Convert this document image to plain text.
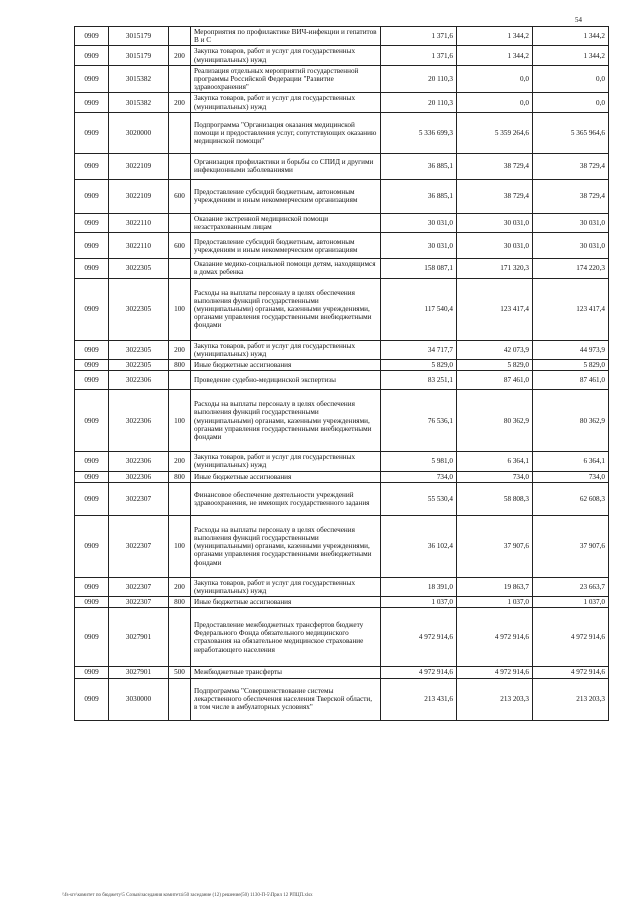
54
0909	3015179		Мероприятия по профилактике ВИЧ-инфекции и гепатитов В и С	1 371,6	1 344,2	1 344,2
0909	3015179	200	Закупка товаров, работ и услуг для государственных (муниципальных) нужд	1 371,6	1 344,2	1 344,2
0909	3015382		Реализация отдельных мероприятий государственной программы Российской Федерации "Развитие здравоохранения"	20 110,3	0,0	0,0
0909	3015382	200	Закупка товаров, работ и услуг для государственных (муниципальных) нужд	20 110,3	0,0	0,0
0909	3020000		Подпрограмма "Организация оказания медицинской помощи и предоставления услуг, сопутствующих оказанию медицинской помощи"	5 336 699,3	5 359 264,6	5 365 964,6
0909	3022109		Организация профилактики и борьбы со СПИД и другими инфекционными заболеваниями	36 885,1	38 729,4	38 729,4
0909	3022109	600	Предоставление субсидий бюджетным, автономным учреждениям и иным некоммерческим организациям	36 885,1	38 729,4	38 729,4
0909	3022110		Оказание экстренной медицинской помощи незастрахованным лицам	30 031,0	30 031,0	30 031,0
0909	3022110	600	Предоставление субсидий бюджетным, автономным учреждениям и иным некоммерческим организациям	30 031,0	30 031,0	30 031,0
0909	3022305		Оказание медико-социальной помощи детям, находящимся в домах ребенка	158 087,1	171 320,3	174 220,3
0909	3022305	100	Расходы на выплаты персоналу в целях обеспечения выполнения функций государственными (муниципальными) органами, казенными учреждениями, органами управления государственными внебюджетными фондами	117 540,4	123 417,4	123 417,4
0909	3022305	200	Закупка товаров, работ и услуг для государственных (муниципальных) нужд	34 717,7	42 073,9	44 973,9
0909	3022305	800	Иные бюджетные ассигнования	5 829,0	5 829,0	5 829,0
0909	3022306		Проведение судебно-медицинской экспертизы	83 251,1	87 461,0	87 461,0
0909	3022306	100	Расходы на выплаты персоналу в целях обеспечения выполнения функций государственными (муниципальными) органами, казенными учреждениями, органами управления государственными внебюджетными фондами	76 536,1	80 362,9	80 362,9
0909	3022306	200	Закупка товаров, работ и услуг для государственных (муниципальных) нужд	5 981,0	6 364,1	6 364,1
0909	3022306	800	Иные бюджетные ассигнования	734,0	734,0	734,0
0909	3022307		Финансовое обеспечение деятельности учреждений здравоохранения, не имеющих государственного задания	55 530,4	58 808,3	62 608,3
0909	3022307	100	Расходы на выплаты персоналу в целях обеспечения выполнения функций государственными (муниципальными) органами, казенными учреждениями, органами управления государственными внебюджетными фондами	36 102,4	37 907,6	37 907,6
0909	3022307	200	Закупка товаров, работ и услуг для государственных (муниципальных) нужд	18 391,0	19 863,7	23 663,7
0909	3022307	800	Иные бюджетные ассигнования	1 037,0	1 037,0	1 037,0
0909	3027901		Предоставление межбюджетных трансфертов бюджету Федерального Фонда обязательного медицинского страхования на обязательное медицинское страхование неработающего населения	4 972 914,6	4 972 914,6	4 972 914,6
0909	3027901	500	Межбюджетные трансферты	4 972 914,6	4 972 914,6	4 972 914,6
0909	3030000		Подпрограмма "Совершенствование системы лекарственного обеспечения населения Тверской области, в том числе в амбулаторных условиях"	213 431,6	213 203,3	213 203,3
\\fs-srv\комитет по бюджету\5 Созыв\заседания комитета\50 заседание (12) решение(50) 1130-П-5\Прил 12 РПЦП.xlsx
